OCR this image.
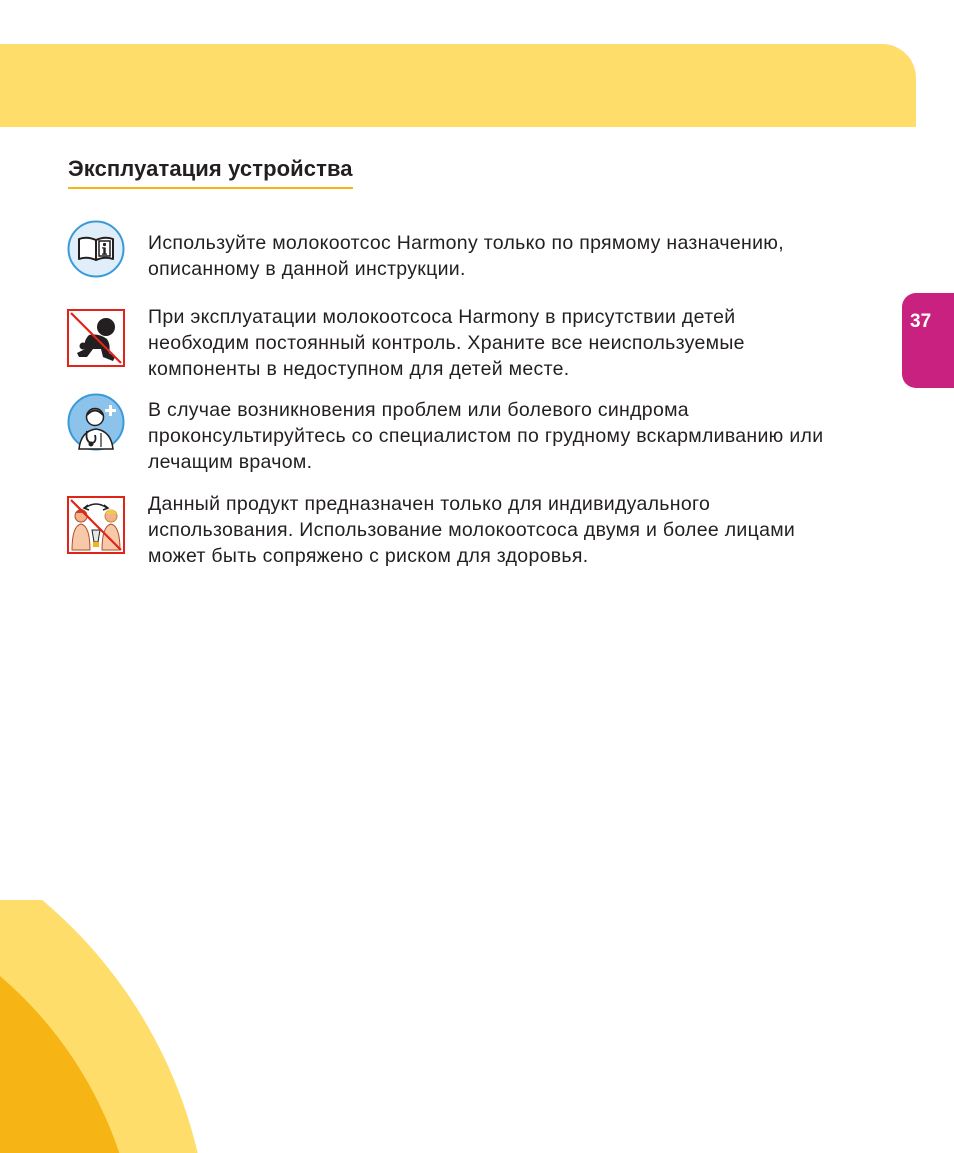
37
Эксплуатация устройства

Используйте молокоотсос Harmony только по прямому назначению, описанному в данной инструкции.

При эксплуатации молокоотсоса Harmony в присутствии детей необходим постоянный контроль. Храните все неиспользуемые компоненты в недоступном для детей месте.

В случае возникновения проблем или болевого синдрома проконсультируйтесь со специалистом по грудному вскармливанию или лечащим врачом.

Данный продукт предназначен только для индивидуального использования. Использование молокоотсоса двумя и более лицами может быть сопряжено с риском для здоровья.
